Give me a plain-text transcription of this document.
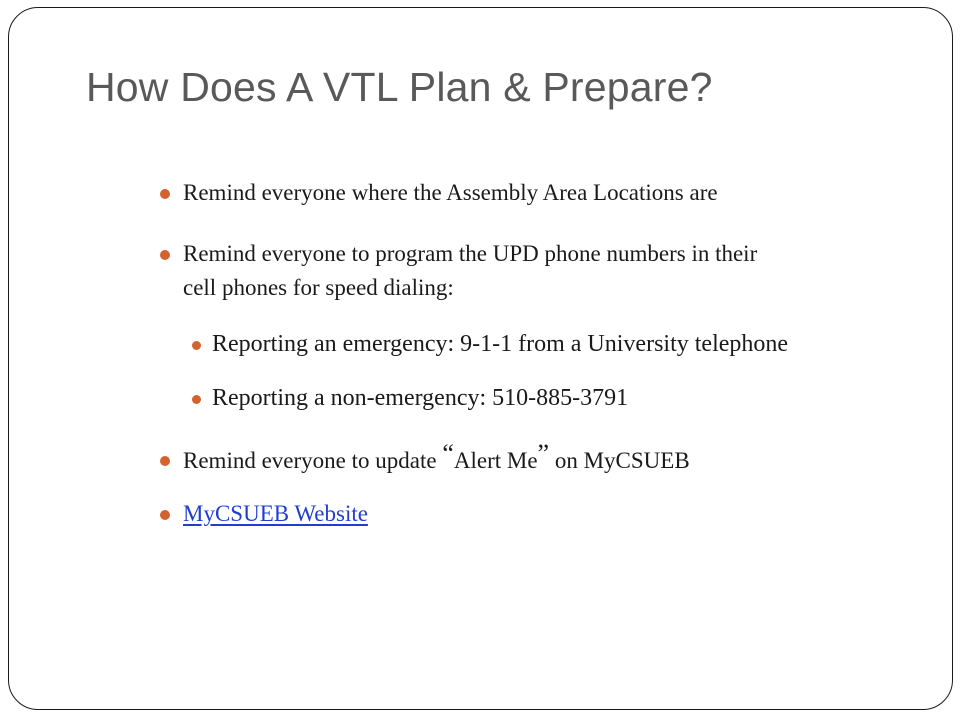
How Does A VTL Plan & Prepare?
Remind everyone where the Assembly Area Locations are
Remind everyone to program the UPD phone numbers in their
cell phones for speed dialing:
Reporting an emergency: 9-1-1 from a University telephone
Reporting a non-emergency: 510-885-3791
Remind everyone to update “Alert Me” on MyCSUEB
MyCSUEB Website
